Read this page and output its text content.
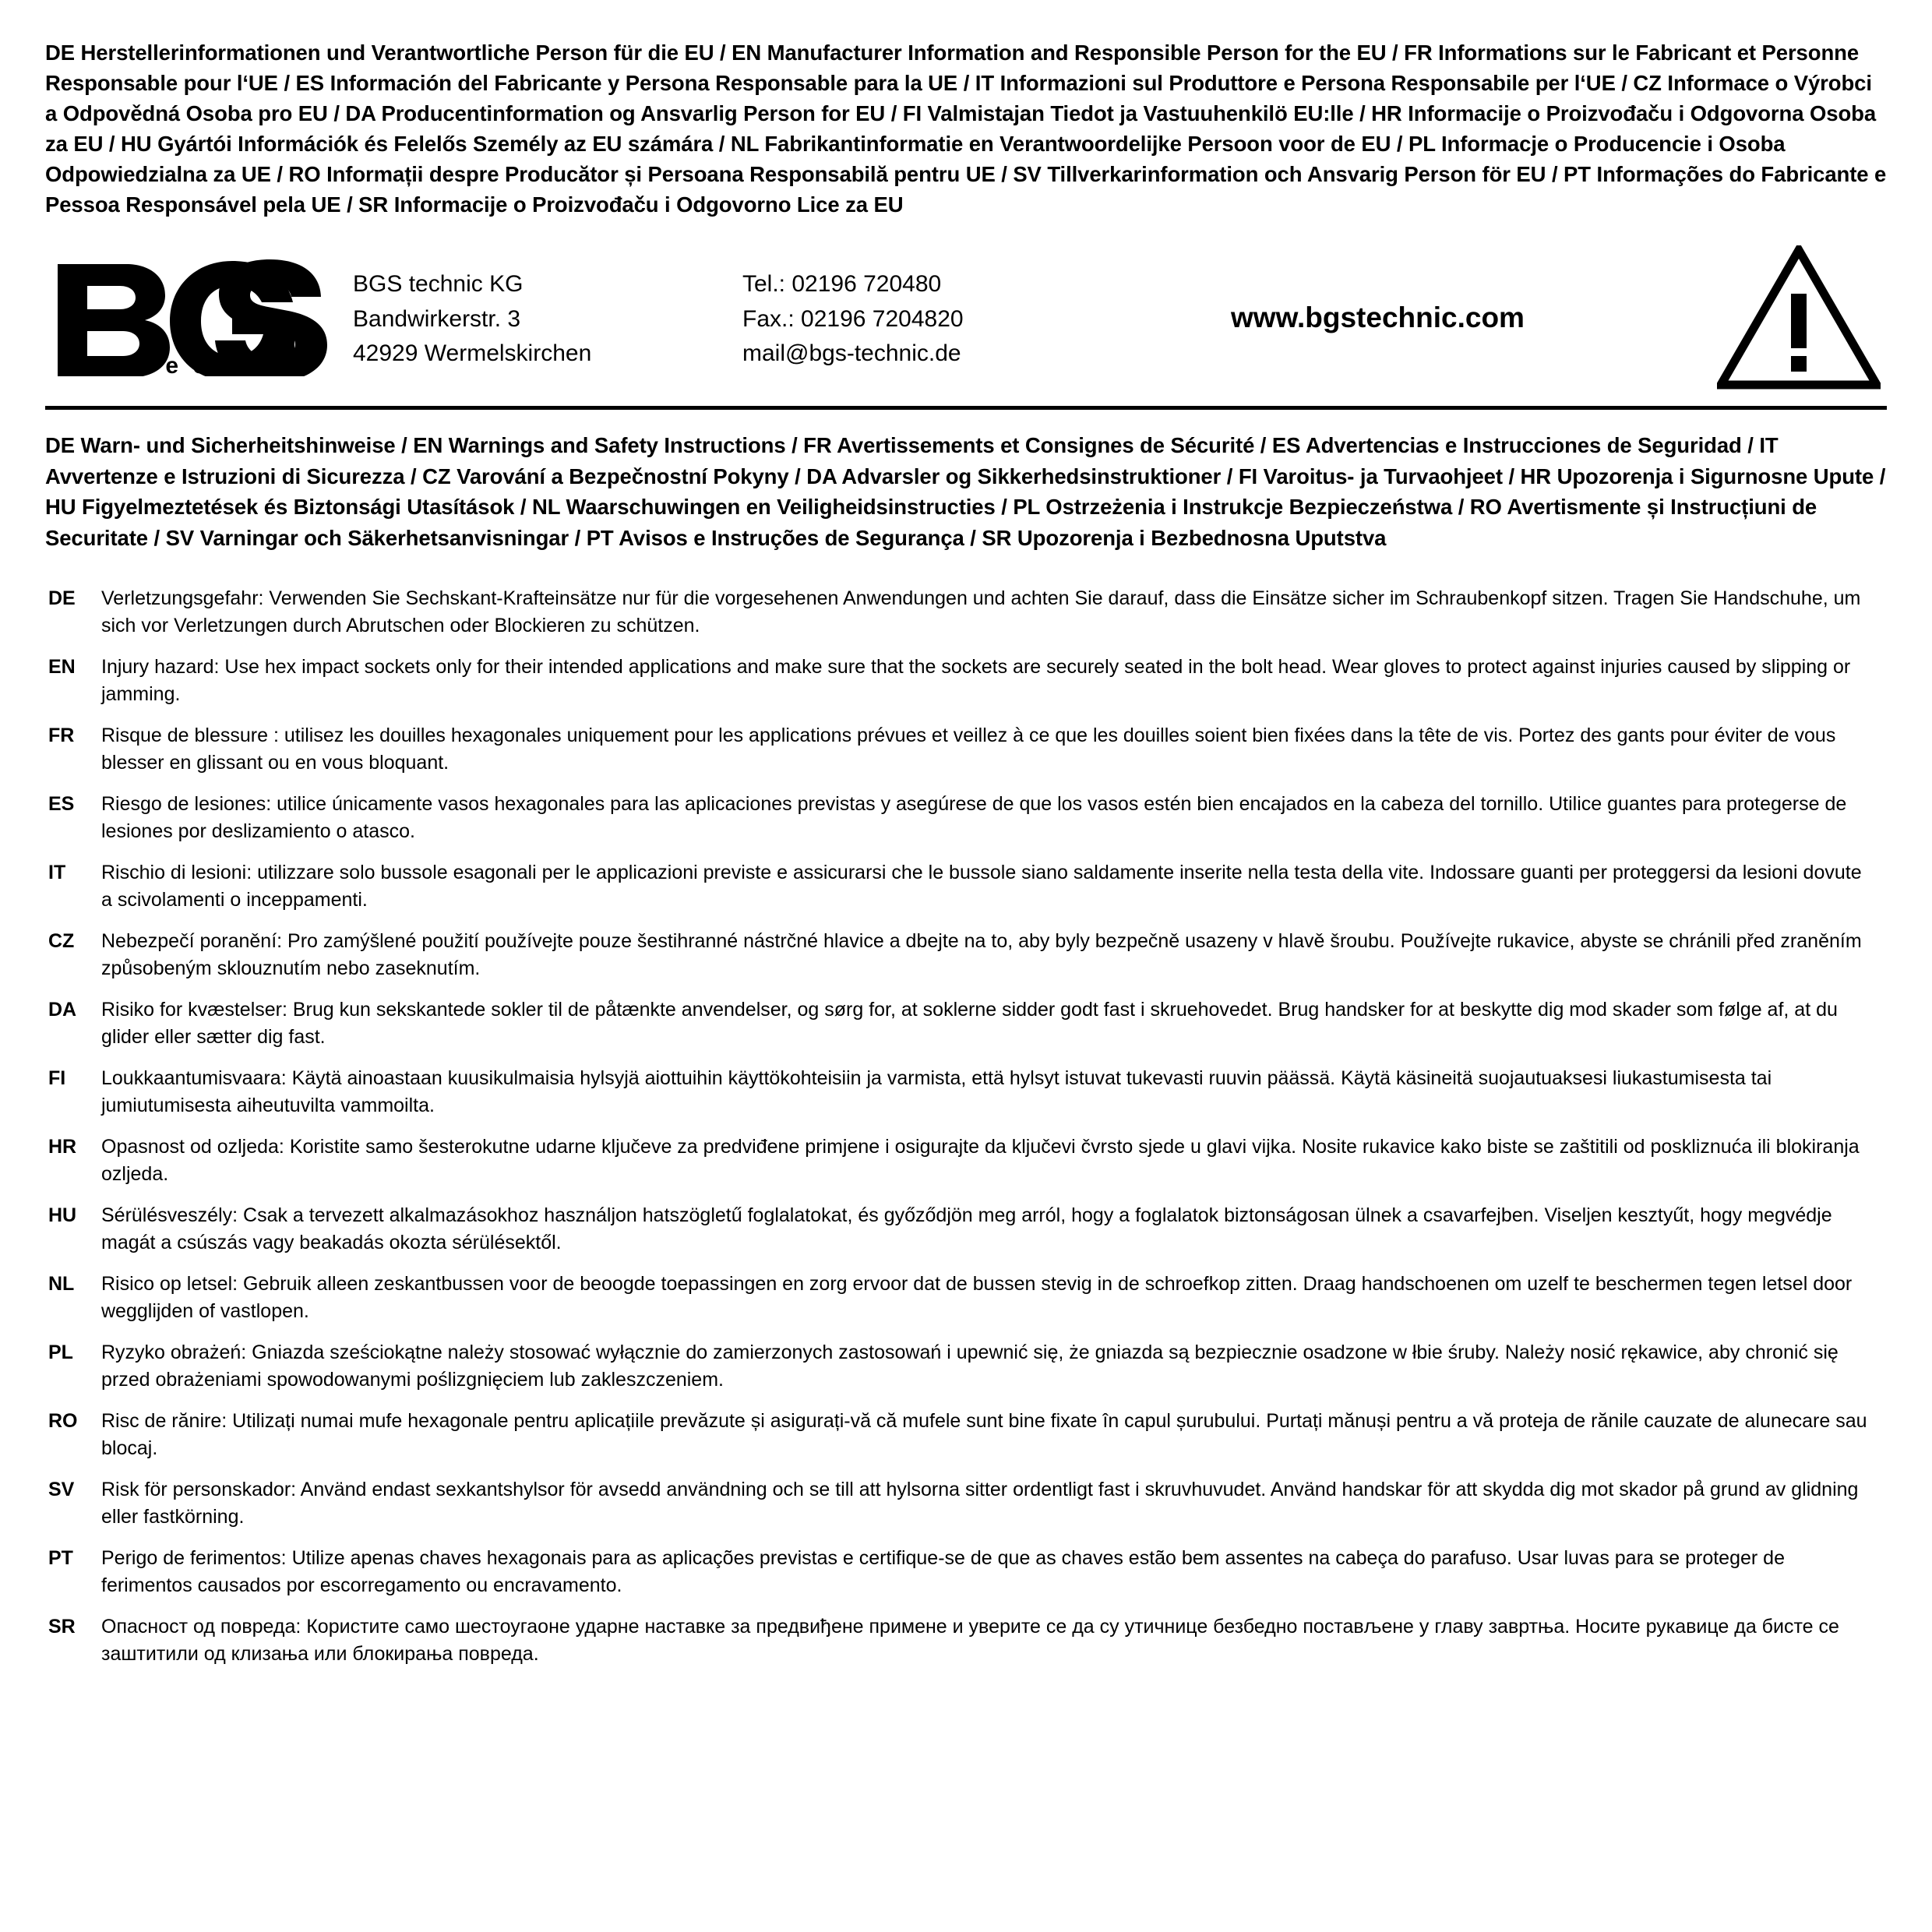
DE Herstellerinformationen und Verantwortliche Person für die EU / EN Manufacturer Information and Responsible Person for the EU / FR Informations sur le Fabricant et Personne Responsable pour l‘UE / ES Información del Fabricante y Persona Responsable para la UE / IT Informazioni sul Produttore e Persona Responsabile per l‘UE / CZ Informace o Výrobci a Odpovědná Osoba pro EU / DA Producentinformation og Ansvarlig Person for EU / FI Valmistajan Tiedot ja Vastuuhenkilö EU:lle / HR Informacije o Proizvođaču i Odgovorna Osoba za EU / HU Gyártói Információk és Felelős Személy az EU számára / NL Fabrikantinformatie en Verantwoordelijke Persoon voor de EU / PL Informacje o Producencie i Osoba Odpowiedzialna za UE / RO Informații despre Producător și Persoana Responsabilă pentru UE / SV Tillverkarinformation och Ansvarig Person för EU / PT Informações do Fabricante e Pessoa Responsável pela UE / SR Informacije o Proizvođaču i Odgovorno Lice za EU

®
t e c h n i c
BGS technic KG
Bandwirkerstr. 3
42929 Wermelskirchen
Tel.: 02196 720480
Fax.: 02196 7204820
mail@bgs-technic.de
www.bgstechnic.com

DE Warn- und Sicherheitshinweise / EN Warnings and Safety Instructions / FR Avertissements et Consignes de Sécurité / ES Advertencias e Instrucciones de Seguridad / IT Avvertenze e Istruzioni di Sicurezza / CZ Varování a Bezpečnostní Pokyny / DA Advarsler og Sikkerhedsinstruktioner / FI Varoitus- ja Turvaohjeet / HR Upozorenja i Sigurnosne Upute / HU Figyelmeztetések és Biztonsági Utasítások / NL Waarschuwingen en Veiligheidsinstructies / PL Ostrzeżenia i Instrukcje Bezpieczeństwa / RO Avertismente și Instrucțiuni de Securitate / SV Varningar och Säkerhetsanvisningar / PT Avisos e Instruções de Segurança / SR Upozorenja i Bezbednosna Uputstva

DE	Verletzungsgefahr: Verwenden Sie Sechskant-Krafteinsätze nur für die vorgesehenen Anwendungen und achten Sie darauf, dass die Einsätze sicher im Schraubenkopf sitzen. Tragen Sie Handschuhe, um sich vor Verletzungen durch Abrutschen oder Blockieren zu schützen.
EN	Injury hazard: Use hex impact sockets only for their intended applications and make sure that the sockets are securely seated in the bolt head. Wear gloves to protect against injuries caused by slipping or jamming.
FR	Risque de blessure : utilisez les douilles hexagonales uniquement pour les applications prévues et veillez à ce que les douilles soient bien fixées dans la tête de vis. Portez des gants pour éviter de vous blesser en glissant ou en vous bloquant.
ES	Riesgo de lesiones: utilice únicamente vasos hexagonales para las aplicaciones previstas y asegúrese de que los vasos estén bien encajados en la cabeza del tornillo. Utilice guantes para protegerse de lesiones por deslizamiento o atasco.
IT	Rischio di lesioni: utilizzare solo bussole esagonali per le applicazioni previste e assicurarsi che le bussole siano saldamente inserite nella testa della vite. Indossare guanti per proteggersi da lesioni dovute a scivolamenti o inceppamenti.
CZ	Nebezpečí poranění: Pro zamýšlené použití používejte pouze šestihranné nástrčné hlavice a dbejte na to, aby byly bezpečně usazeny v hlavě šroubu. Používejte rukavice, abyste se chránili před zraněním způsobeným sklouznutím nebo zaseknutím.
DA	Risiko for kvæstelser: Brug kun sekskantede sokler til de påtænkte anvendelser, og sørg for, at soklerne sidder godt fast i skruehovedet. Brug handsker for at beskytte dig mod skader som følge af, at du glider eller sætter dig fast.
FI	Loukkaantumisvaara: Käytä ainoastaan kuusikulmaisia hylsyjä aiottuihin käyttökohteisiin ja varmista, että hylsyt istuvat tukevasti ruuvin päässä. Käytä käsineitä suojautuaksesi liukastumisesta tai jumiutumisesta aiheutuvilta vammoilta.
HR	Opasnost od ozljeda: Koristite samo šesterokutne udarne ključeve za predviđene primjene i osigurajte da ključevi čvrsto sjede u glavi vijka. Nosite rukavice kako biste se zaštitili od poskliznuća ili blokiranja ozljeda.
HU	Sérülésveszély: Csak a tervezett alkalmazásokhoz használjon hatszögletű foglalatokat, és győződjön meg arról, hogy a foglalatok biztonságosan ülnek a csavarfejben. Viseljen kesztyűt, hogy megvédje magát a csúszás vagy beakadás okozta sérülésektől.
NL	Risico op letsel: Gebruik alleen zeskantbussen voor de beoogde toepassingen en zorg ervoor dat de bussen stevig in de schroefkop zitten. Draag handschoenen om uzelf te beschermen tegen letsel door wegglijden of vastlopen.
PL	Ryzyko obrażeń: Gniazda sześciokątne należy stosować wyłącznie do zamierzonych zastosowań i upewnić się, że gniazda są bezpiecznie osadzone w łbie śruby. Należy nosić rękawice, aby chronić się przed obrażeniami spowodowanymi poślizgnięciem lub zakleszczeniem.
RO	Risc de rănire: Utilizați numai mufe hexagonale pentru aplicațiile prevăzute și asigurați-vă că mufele sunt bine fixate în capul șurubului. Purtați mănuși pentru a vă proteja de rănile cauzate de alunecare sau blocaj.
SV	Risk för personskador: Använd endast sexkantshylsor för avsedd användning och se till att hylsorna sitter ordentligt fast i skruvhuvudet. Använd handskar för att skydda dig mot skador på grund av glidning eller fastkörning.
PT	Perigo de ferimentos: Utilize apenas chaves hexagonais para as aplicações previstas e certifique-se de que as chaves estão bem assentes na cabeça do parafuso. Usar luvas para se proteger de ferimentos causados por escorregamento ou encravamento.
SR	Опасност од повреда: Користите само шестоугаоне ударне наставке за предвиђене примене и уверите се да су утичнице безбедно постављене у главу завртња. Носите рукавице да бисте се заштитили од клизања или блокирања повреда.
